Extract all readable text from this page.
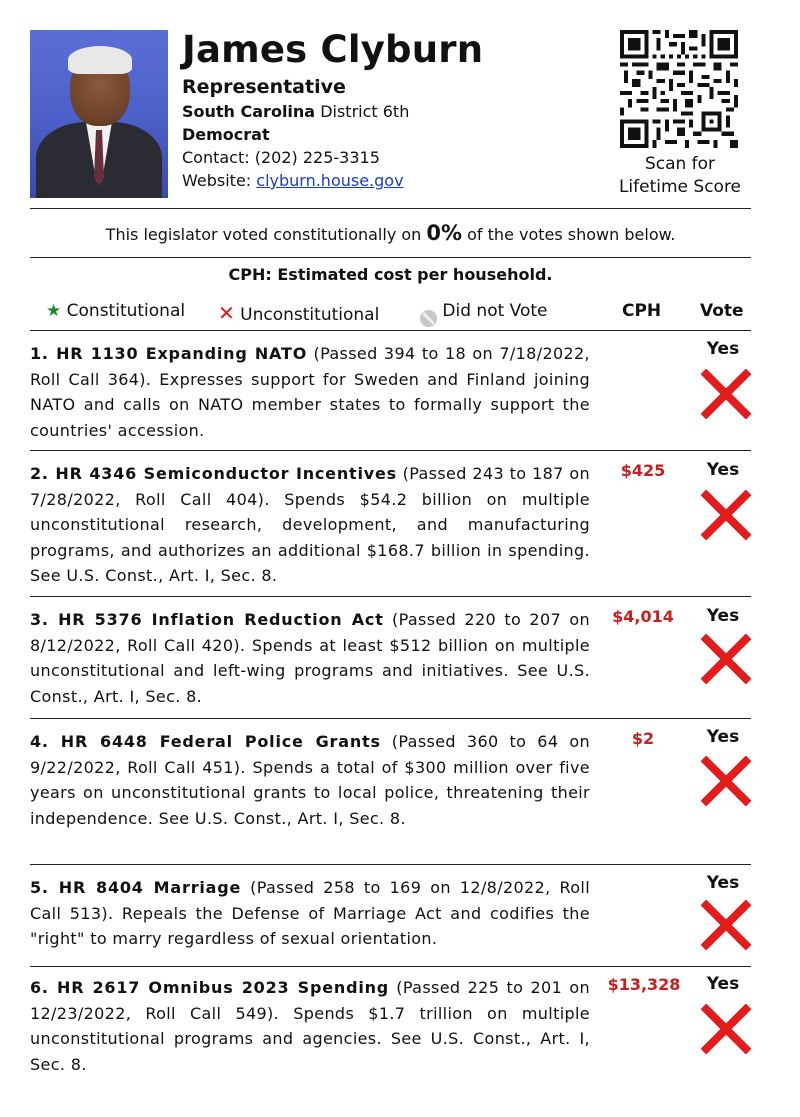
James Clyburn
Representative
South Carolina District 6th
Democrat
Contact: (202) 225-3315
Website: clyburn.house.gov
Scan for
Lifetime Score
This legislator voted constitutionally on 0% of the votes shown below.
CPH: Estimated cost per household.
★ Constitutional ✕ Unconstitutional	Did not Vote	CPH Vote
1. HR 1130 Expanding NATO (Passed 394 to 18 on 7/18/2022, Roll Call 364). Expresses support for Sweden and Finland joining NATO and calls on NATO member states to formally support the countries' accession.
Yes
2. HR 4346 Semiconductor Incentives (Passed 243 to 187 on 7/28/2022, Roll Call 404). Spends $54.2 billion on multiple unconstitutional research, development, and manufacturing programs, and authorizes an additional $168.7 billion in spending. See U.S. Const., Art. I, Sec. 8.
$425	Yes
3. HR 5376 Inflation Reduction Act (Passed 220 to 207 on 8/12/2022, Roll Call 420). Spends at least $512 billion on multiple unconstitutional and left-wing programs and initiatives. See U.S. Const., Art. I, Sec. 8.
$4,014	Yes
4. HR 6448 Federal Police Grants (Passed 360 to 64 on 9/22/2022, Roll Call 451). Spends a total of $300 million over five years on unconstitutional grants to local police, threatening their independence. See U.S. Const., Art. I, Sec. 8.
$2	Yes
5. HR 8404 Marriage (Passed 258 to 169 on 12/8/2022, Roll Call 513). Repeals the Defense of Marriage Act and codifies the "right" to marry regardless of sexual orientation.
Yes
6. HR 2617 Omnibus 2023 Spending (Passed 225 to 201 on 12/23/2022, Roll Call 549). Spends $1.7 trillion on multiple unconstitutional programs and agencies. See U.S. Const., Art. I, Sec. 8.
$13,328	Yes
